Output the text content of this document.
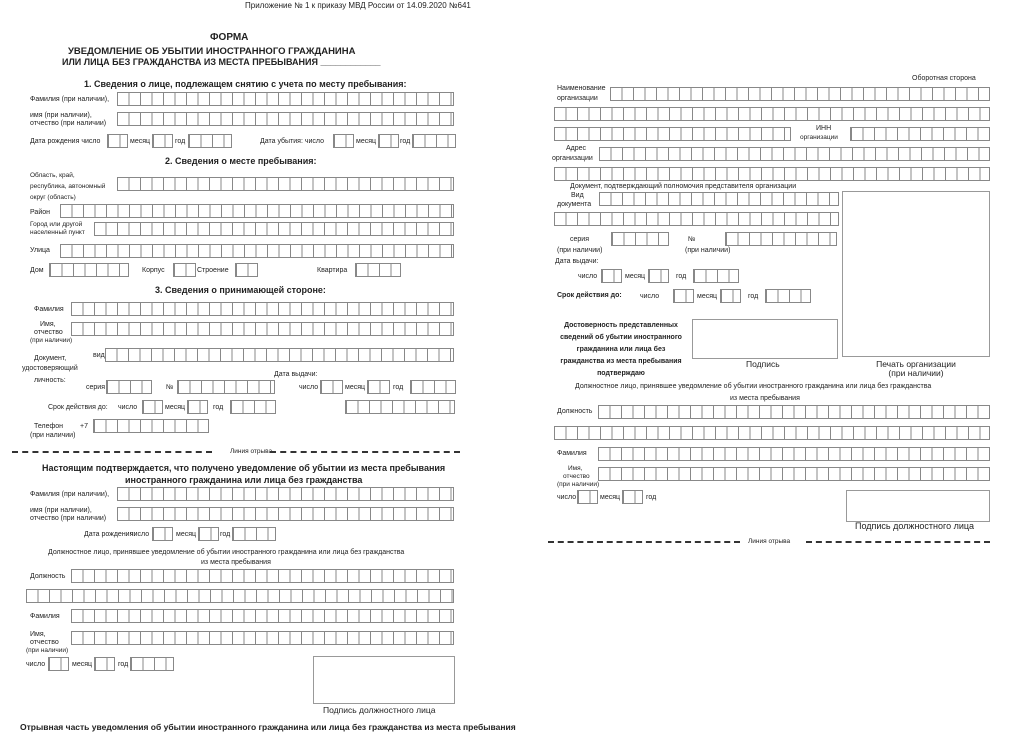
Приложение № 1 к приказу МВД России от 14.09.2020 №641
ФОРМА
УВЕДОМЛЕНИЕ ОБ УБЫТИИ ИНОСТРАННОГО ГРАЖДАНИНА
ИЛИ ЛИЦА БЕЗ ГРАЖДАНСТВА ИЗ МЕСТА ПРЕБЫВАНИЯ ____________
1. Сведения о лице, подлежащем снятию с учета по месту пребывания:
Фамилия (при наличии),
имя (при наличии),
отчество (при наличии)
Дата рождения число	месяц	год	Дата убытия: число	месяц	год
2. Сведения о месте пребывания:
Область, край,
республика, автономный
округ (область)
Район
Город или другой
населенный пункт
Улица
Дом	Корпус	Строение	Квартира
3. Сведения о принимающей стороне:
Фамилия
Имя,
отчество
(при наличии)
Документ,
удостоверяющий
личность:
вид
серия	№
Дата выдачи:
число	месяц	год
Срок действия до: число	месяц	год
Телефон
(при наличии)
+7
Линия отрыва
Настоящим подтверждается, что получено уведомление об убытии из места пребывания
иностранного гражданина или лица без гражданства
Фамилия (при наличии),
имя (при наличии),
отчество (при наличии)
Дата рождения:
число	месяц	год
Должностное лицо, принявшее уведомление об убытии иностранного гражданина или лица без гражданства
из места пребывания
Должность
Фамилия
Имя,
отчество
(при наличии)
число	месяц	год
Подпись должностного лица
Отрывная часть уведомления об убытии иностранного гражданина или лица без гражданства из места пребывания
Оборотная сторона
Наименование
организации
ИНН
организации
Адрес
организации
Документ, подтверждающий полномочия представителя организации
Вид
документа
серия
(при наличии)
№
(при наличии)
Дата выдачи:
число	месяц	год
Срок действия до:	число	месяц	год
Достоверность представленных
сведений об убытии иностранного
гражданина или лица без
гражданства из места пребывания
подтверждаю
Подпись	Печать организации
(при наличии)
Должностное лицо, принявшее уведомление об убытии иностранного гражданина или лица без гражданства
из места пребывания
Должность
Фамилия
Имя,
отчество
(при наличии)
число	месяц	год
Подпись должностного лица
Линия отрыва
